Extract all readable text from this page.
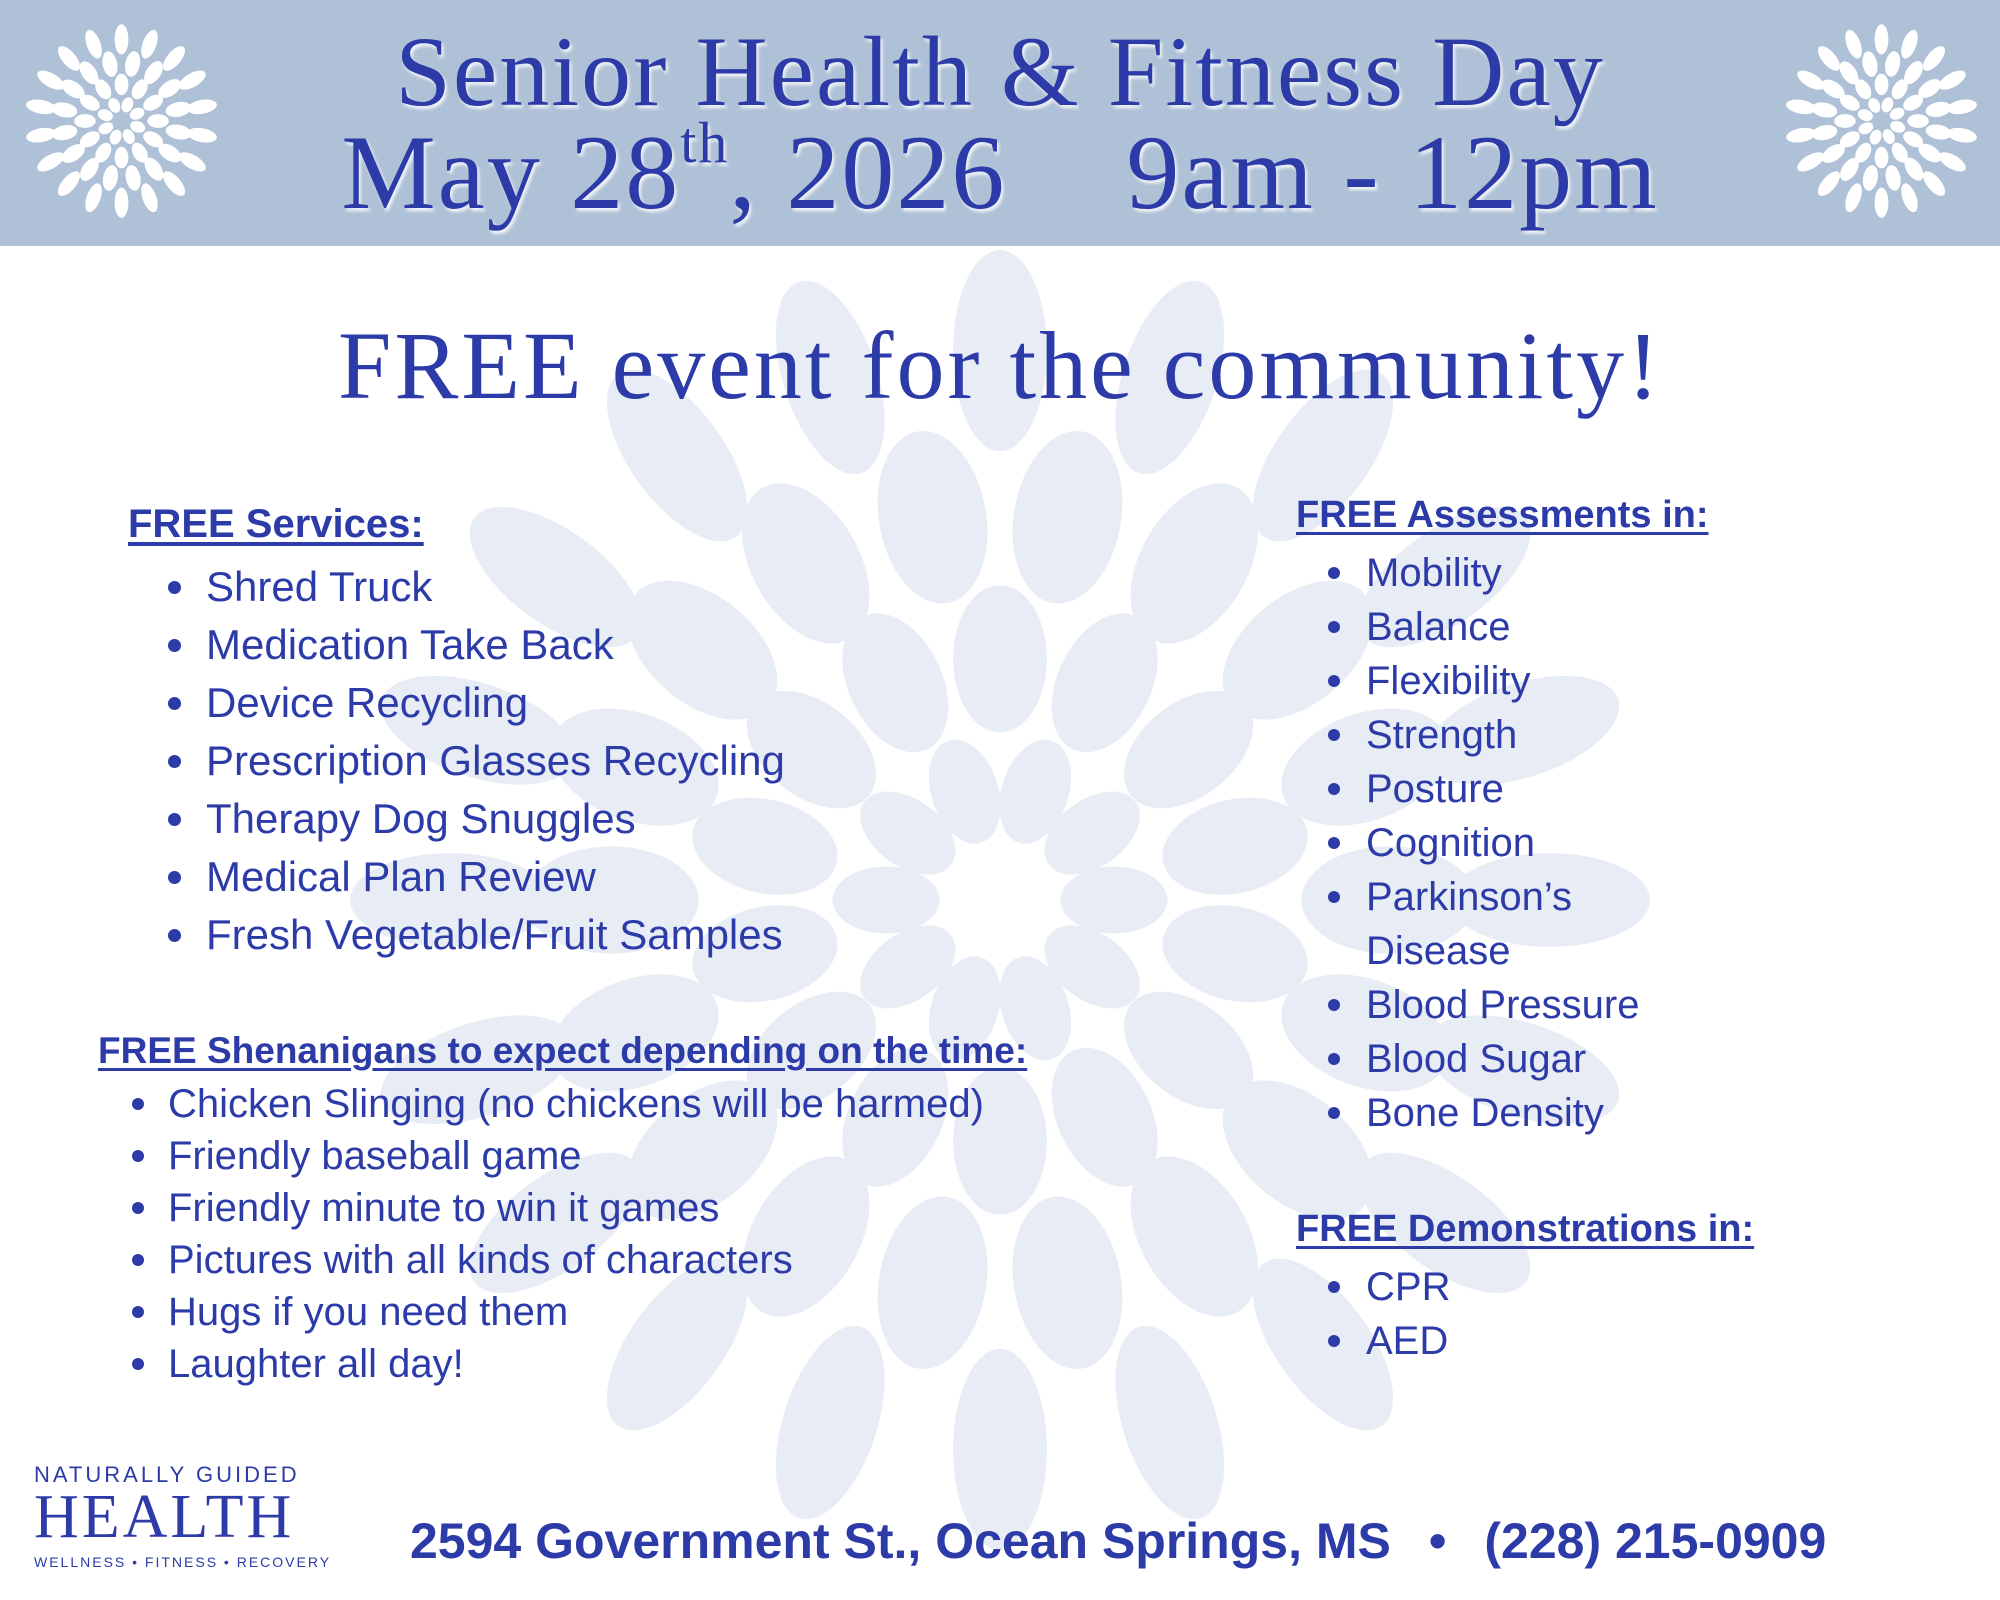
Senior Health & Fitness Day
May 28th, 2026 9am - 12pm
FREE event for the community!
FREE Services:
Shred Truck
Medication Take Back
Device Recycling
Prescription Glasses Recycling
Therapy Dog Snuggles
Medical Plan Review
Fresh Vegetable/Fruit Samples
FREE Shenanigans to expect depending on the time:
Chicken Slinging (no chickens will be harmed)
Friendly baseball game
Friendly minute to win it games
Pictures with all kinds of characters
Hugs if you need them
Laughter all day!
FREE Assessments in:
Mobility
Balance
Flexibility
Strength
Posture
Cognition
Parkinson’s
Disease
Blood Pressure
Blood Sugar
Bone Density
FREE Demonstrations in:
CPR
AED
NATURALLY GUIDED
HEALTH
WELLNESS • FITNESS • RECOVERY 2594 Government St., Ocean Springs, MS • (228) 215-0909
